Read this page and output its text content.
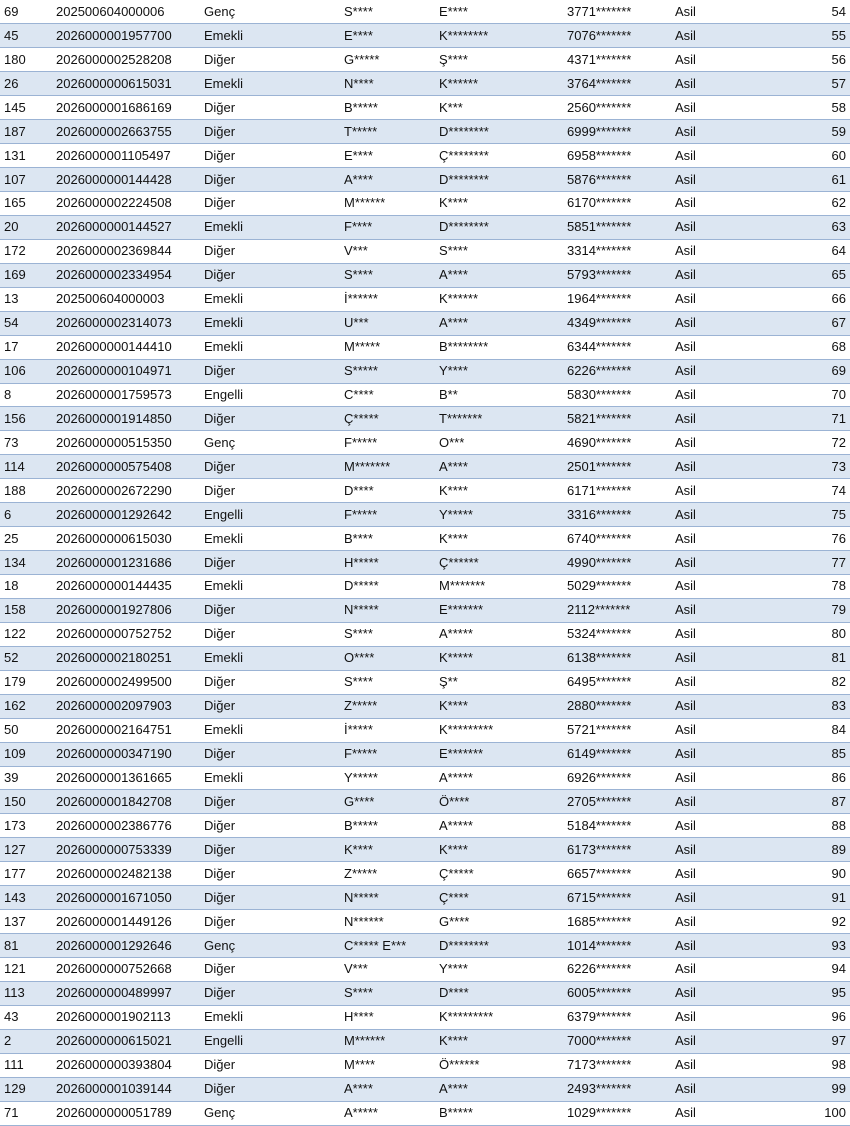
69	202500604000006	Genç	S****	E****	3771*******	Asil	54
45	2026000001957700	Emekli	E****	K********	7076*******	Asil	55
180	2026000002528208	Diğer	G*****	Ş****	4371*******	Asil	56
26	2026000000615031	Emekli	N****	K******	3764*******	Asil	57
145	2026000001686169	Diğer	B*****	K***	2560*******	Asil	58
187	2026000002663755	Diğer	T*****	D********	6999*******	Asil	59
131	2026000001105497	Diğer	E****	Ç********	6958*******	Asil	60
107	2026000000144428	Diğer	A****	D********	5876*******	Asil	61
165	2026000002224508	Diğer	M******	K****	6170*******	Asil	62
20	2026000000144527	Emekli	F****	D********	5851*******	Asil	63
172	2026000002369844	Diğer	V***	S****	3314*******	Asil	64
169	2026000002334954	Diğer	S****	A****	5793*******	Asil	65
13	202500604000003	Emekli	İ******	K******	1964*******	Asil	66
54	2026000002314073	Emekli	U***	A****	4349*******	Asil	67
17	2026000000144410	Emekli	M*****	B********	6344*******	Asil	68
106	2026000000104971	Diğer	S*****	Y****	6226*******	Asil	69
8	2026000001759573	Engelli	C****	B**	5830*******	Asil	70
156	2026000001914850	Diğer	Ç*****	T*******	5821*******	Asil	71
73	2026000000515350	Genç	F*****	O***	4690*******	Asil	72
114	2026000000575408	Diğer	M*******	A****	2501*******	Asil	73
188	2026000002672290	Diğer	D****	K****	6171*******	Asil	74
6	2026000001292642	Engelli	F*****	Y*****	3316*******	Asil	75
25	2026000000615030	Emekli	B****	K****	6740*******	Asil	76
134	2026000001231686	Diğer	H*****	Ç******	4990*******	Asil	77
18	2026000000144435	Emekli	D*****	M*******	5029*******	Asil	78
158	2026000001927806	Diğer	N*****	E*******	2112*******	Asil	79
122	2026000000752752	Diğer	S****	A*****	5324*******	Asil	80
52	2026000002180251	Emekli	O****	K*****	6138*******	Asil	81
179	2026000002499500	Diğer	S****	Ş**	6495*******	Asil	82
162	2026000002097903	Diğer	Z*****	K****	2880*******	Asil	83
50	2026000002164751	Emekli	İ*****	K*********	5721*******	Asil	84
109	2026000000347190	Diğer	F*****	E*******	6149*******	Asil	85
39	2026000001361665	Emekli	Y*****	A*****	6926*******	Asil	86
150	2026000001842708	Diğer	G****	Ö****	2705*******	Asil	87
173	2026000002386776	Diğer	B*****	A*****	5184*******	Asil	88
127	2026000000753339	Diğer	K****	K****	6173*******	Asil	89
177	2026000002482138	Diğer	Z*****	Ç*****	6657*******	Asil	90
143	2026000001671050	Diğer	N*****	Ç****	6715*******	Asil	91
137	2026000001449126	Diğer	N******	G****	1685*******	Asil	92
81	2026000001292646	Genç	C***** E***	D********	1014*******	Asil	93
121	2026000000752668	Diğer	V***	Y****	6226*******	Asil	94
113	2026000000489997	Diğer	S****	D****	6005*******	Asil	95
43	2026000001902113	Emekli	H****	K*********	6379*******	Asil	96
2	2026000000615021	Engelli	M******	K****	7000*******	Asil	97
111	2026000000393804	Diğer	M****	Ö******	7173*******	Asil	98
129	2026000001039144	Diğer	A****	A****	2493*******	Asil	99
71	2026000000051789	Genç	A*****	B*****	1029*******	Asil	100
